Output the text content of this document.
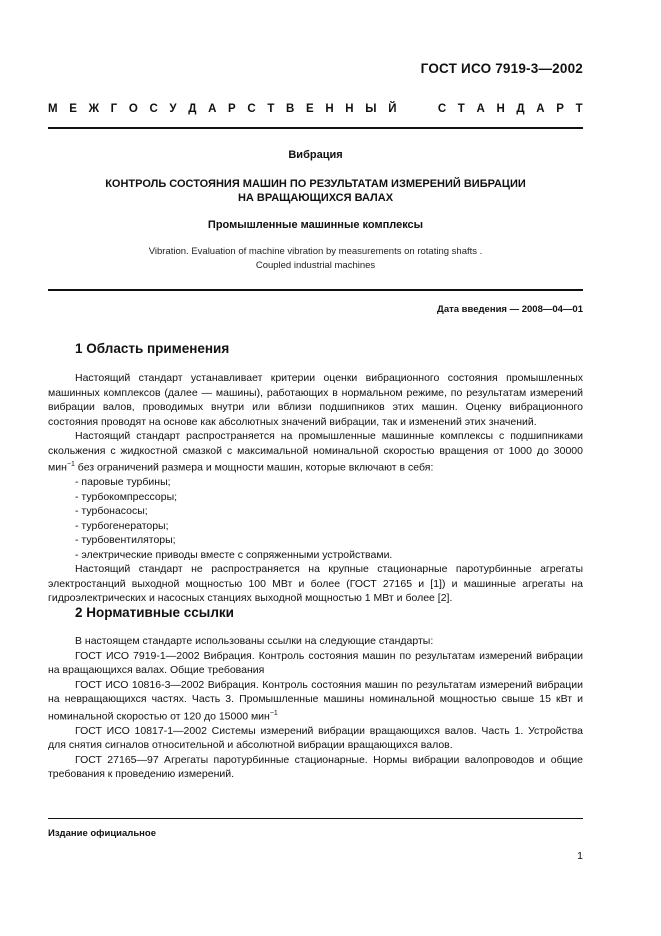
ГОСТ ИСО 7919-3—2002
М Е Ж Г О С У Д А Р С Т В Е Н Н Ы Й

	С Т А Н Д А Р Т
Вибрация
КОНТРОЛЬ СОСТОЯНИЯ МАШИН ПО РЕЗУЛЬТАТАМ ИЗМЕРЕНИЙ ВИБРАЦИИ
НА ВРАЩАЮЩИХСЯ ВАЛАХ
Промышленные машинные комплексы
Vibration. Evaluation of machine vibration by measurements on rotating shafts .
Coupled industrial machines
Дата введения — 2008—04—01
1 Область применения

Настоящий стандарт устанавливает критерии оценки вибрационного состояния промышленных машинных комплексов (далее — машины), работающих в нормальном режиме, по результатам измерений вибрации валов, проводимых внутри или вблизи подшипников этих машин. Оценку вибрационного состояния проводят на основе как абсолютных значений вибрации, так и изменений этих значений.

Настоящий стандарт распространяется на промышленные машинные комплексы с подшипниками скольжения с жидкостной смазкой с максимальной номинальной скоростью вращения от 1000 до 30000 мин$^{-1}$ без ограничений размера и мощности машин, которые включают в себя:

- паровые турбины;

- турбокомпрессоры;

- турбонасосы;

- турбогенераторы;

- турбовентиляторы;

- электрические приводы вместе с сопряженными устройствами.

Настоящий стандарт не распространяется на крупные стационарные паротурбинные агрегаты электростанций выходной мощностью 100 МВт и более (ГОСТ 27165 и [1]) и машинные агрегаты на гидроэлектрических и насосных станциях выходной мощностью 1 МВт и более [2].

2 Нормативные ссылки

В настоящем стандарте использованы ссылки на следующие стандарты:

ГОСТ ИСО 7919-1—2002 Вибрация. Контроль состояния машин по результатам измерений вибрации на вращающихся валах. Общие требования

ГОСТ ИСО 10816-3—2002 Вибрация. Контроль состояния машин по результатам измерений вибрации на невращающихся частях. Часть 3. Промышленные машины номинальной мощностью свыше 15 кВт и номинальной скоростью от 120 до 15000 мин$^{-1}$

ГОСТ ИСО 10817-1—2002 Системы измерений вибрации вращающихся валов. Часть 1. Устройства для снятия сигналов относительной и абсолютной вибрации вращающихся валов.

ГОСТ 27165—97 Агрегаты паротурбинные стационарные. Нормы вибрации валопроводов и общие требования к проведению измерений.

Издание официальное
1
